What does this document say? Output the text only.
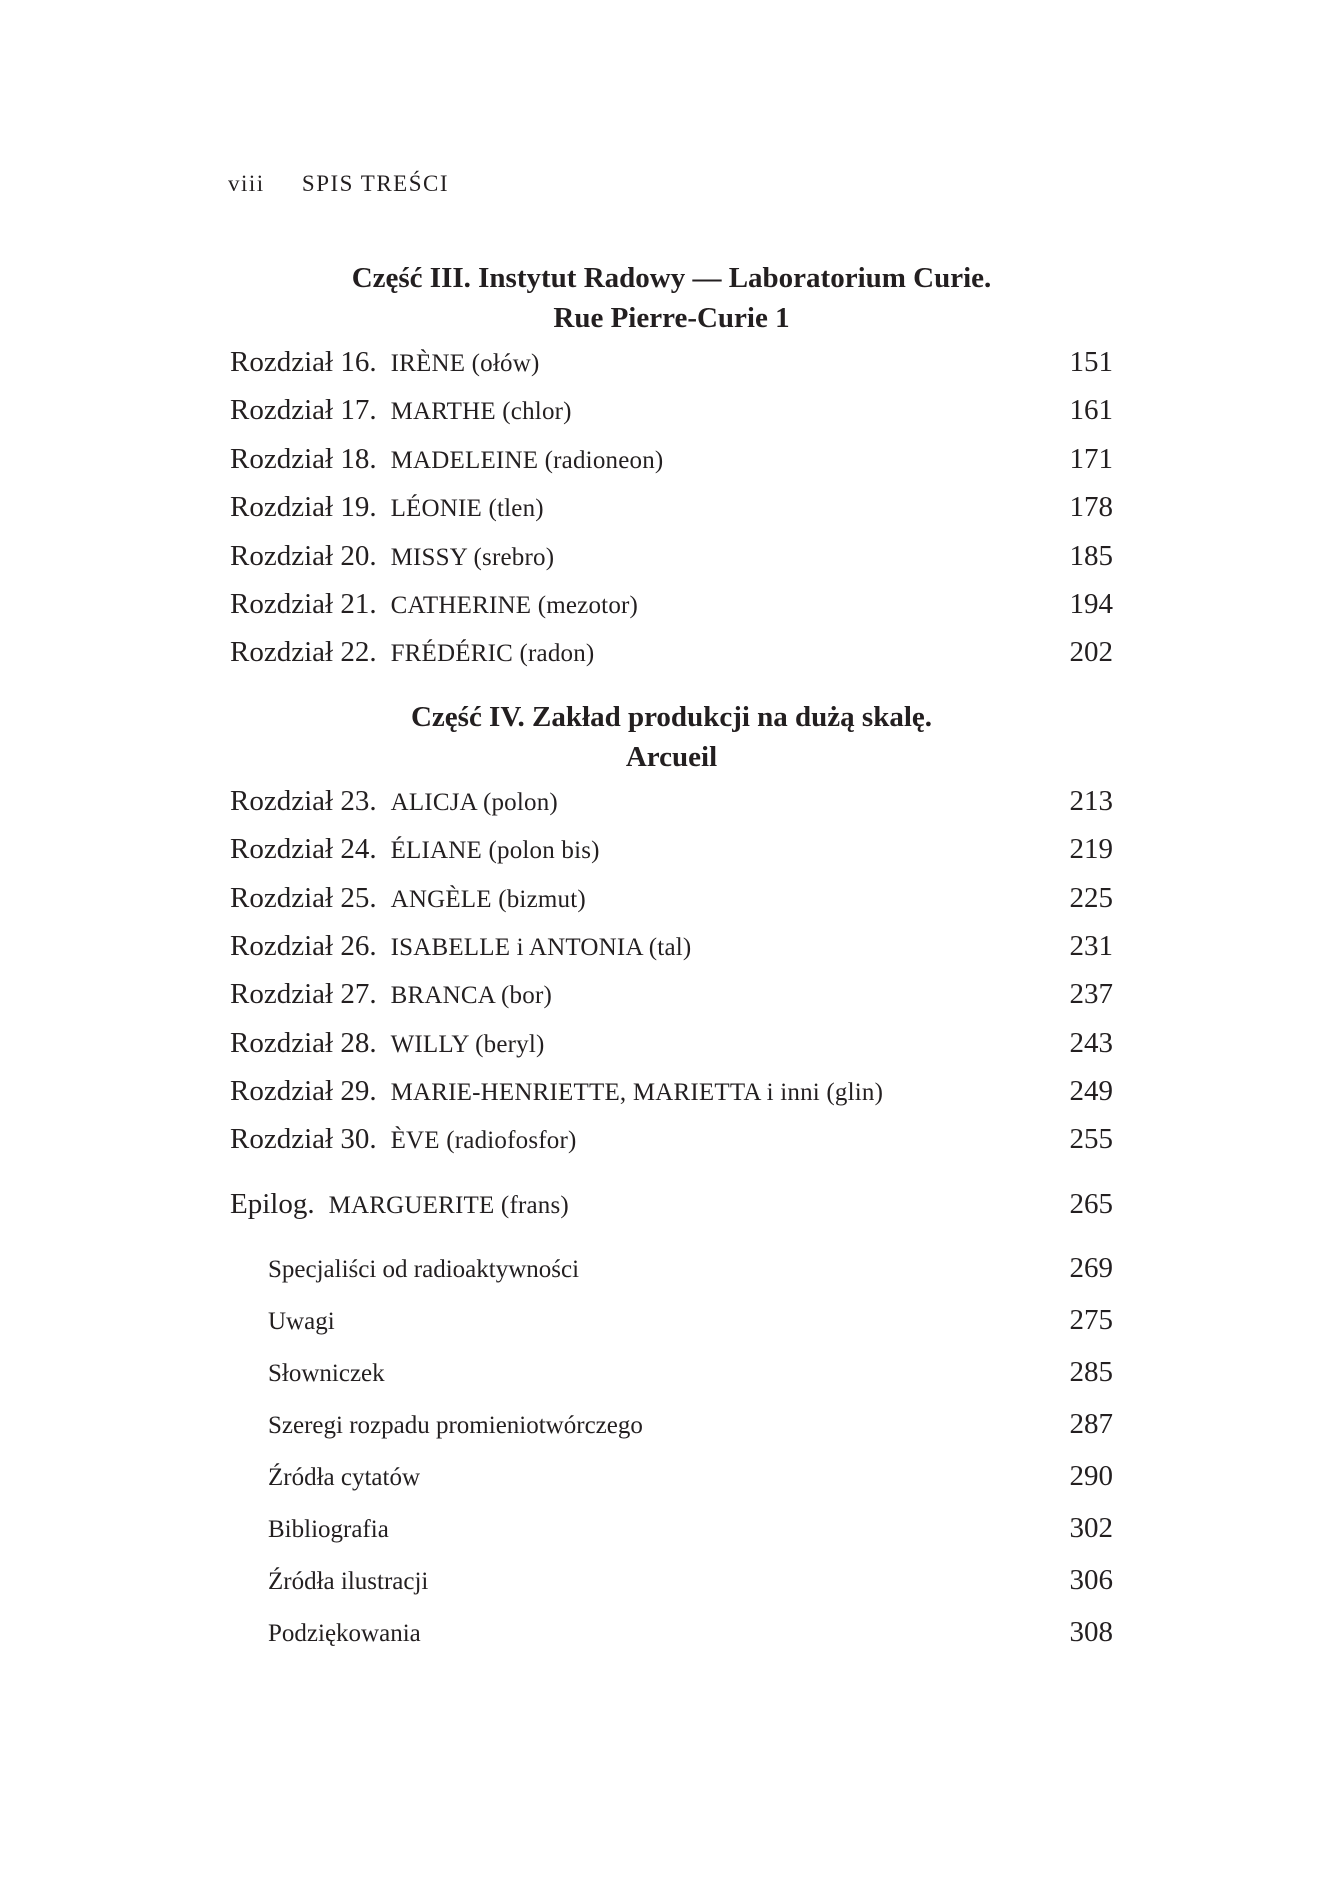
viii SPIS TREŚCI
Część III. Instytut Radowy — Laboratorium Curie.
Rue Pierre-Curie 1
Rozdział 16. IRÈNE (ołów)	151
Rozdział 17. MARTHE (chlor)	161
Rozdział 18. MADELEINE (radioneon)	171
Rozdział 19. LÉONIE (tlen)	178
Rozdział 20. MISSY (srebro)	185
Rozdział 21. CATHERINE (mezotor)	194
Rozdział 22. FRÉDÉRIC (radon)	202
Część IV. Zakład produkcji na dużą skalę.
Arcueil
Rozdział 23. ALICJA (polon)	213
Rozdział 24. ÉLIANE (polon bis)	219
Rozdział 25. ANGÈLE (bizmut)	225
Rozdział 26. ISABELLE i ANTONIA (tal)	231
Rozdział 27. BRANCA (bor)	237
Rozdział 28. WILLY (beryl)	243
Rozdział 29. MARIE-HENRIETTE, MARIETTA i inni (glin)	249
Rozdział 30. ÈVE (radiofosfor)	255
Epilog. MARGUERITE (frans)	265
Specjaliści od radioaktywności	269
Uwagi	275
Słowniczek	285
Szeregi rozpadu promieniotwórczego	287
Źródła cytatów	290
Bibliografia	302
Źródła ilustracji	306
Podziękowania	308
